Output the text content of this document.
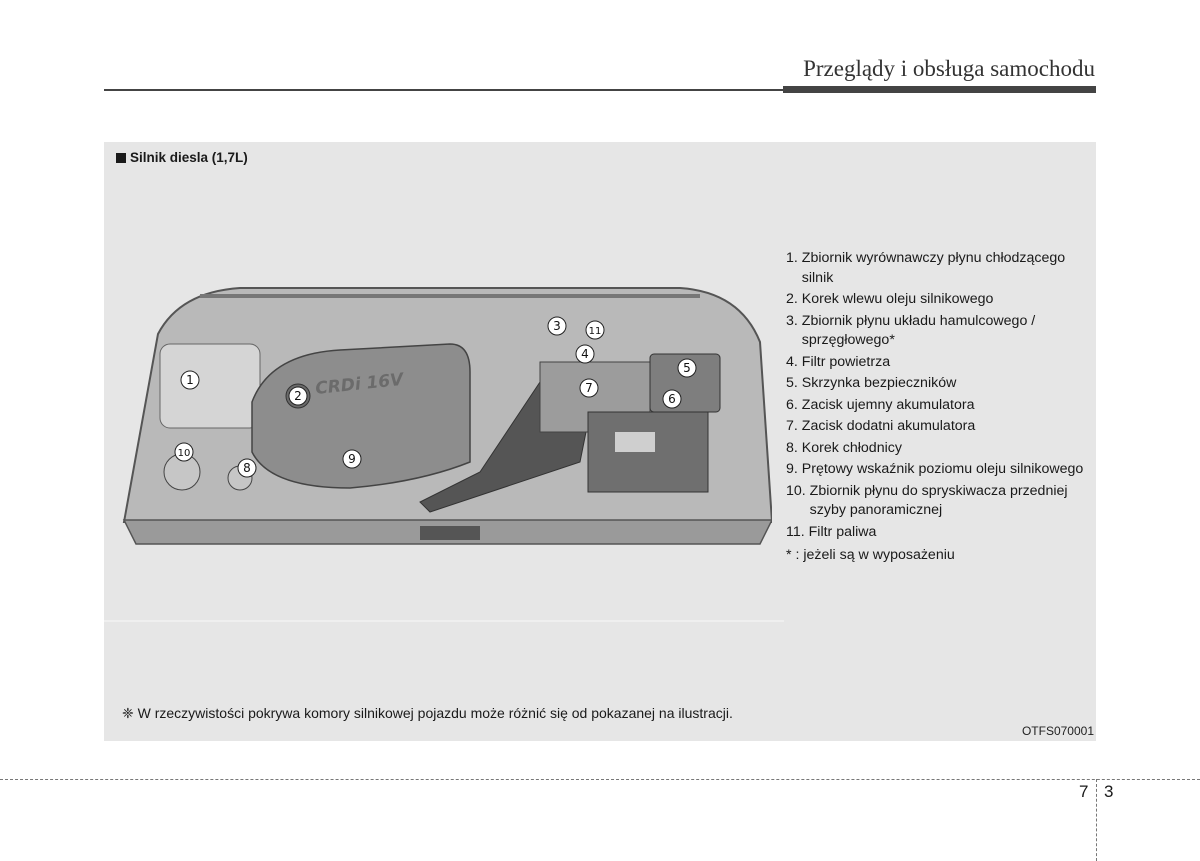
Przeglądy i obsługa samochodu
Silnik diesla (1,7L)
CRDi 16V
1
2
3
4
5
6
7
8
9
10
11
1. Zbiornik wyrównawczy płynu chłodzącego silnik
2. Korek wlewu oleju silnikowego
3. Zbiornik płynu układu hamulcowego / sprzęgłowego*
4. Filtr powietrza
5. Skrzynka bezpieczników
6. Zacisk ujemny akumulatora
7. Zacisk dodatni akumulatora
8. Korek chłodnicy
9. Prętowy wskaźnik poziomu oleju silnikowego
10. Zbiornik płynu do spryskiwacza przedniej szyby panoramicznej
11. Filtr paliwa
* : jeżeli są w wyposażeniu
❈ W rzeczywistości pokrywa komory silnikowej pojazdu może różnić się od pokazanej na ilustracji.
OTFS070001
7 3
